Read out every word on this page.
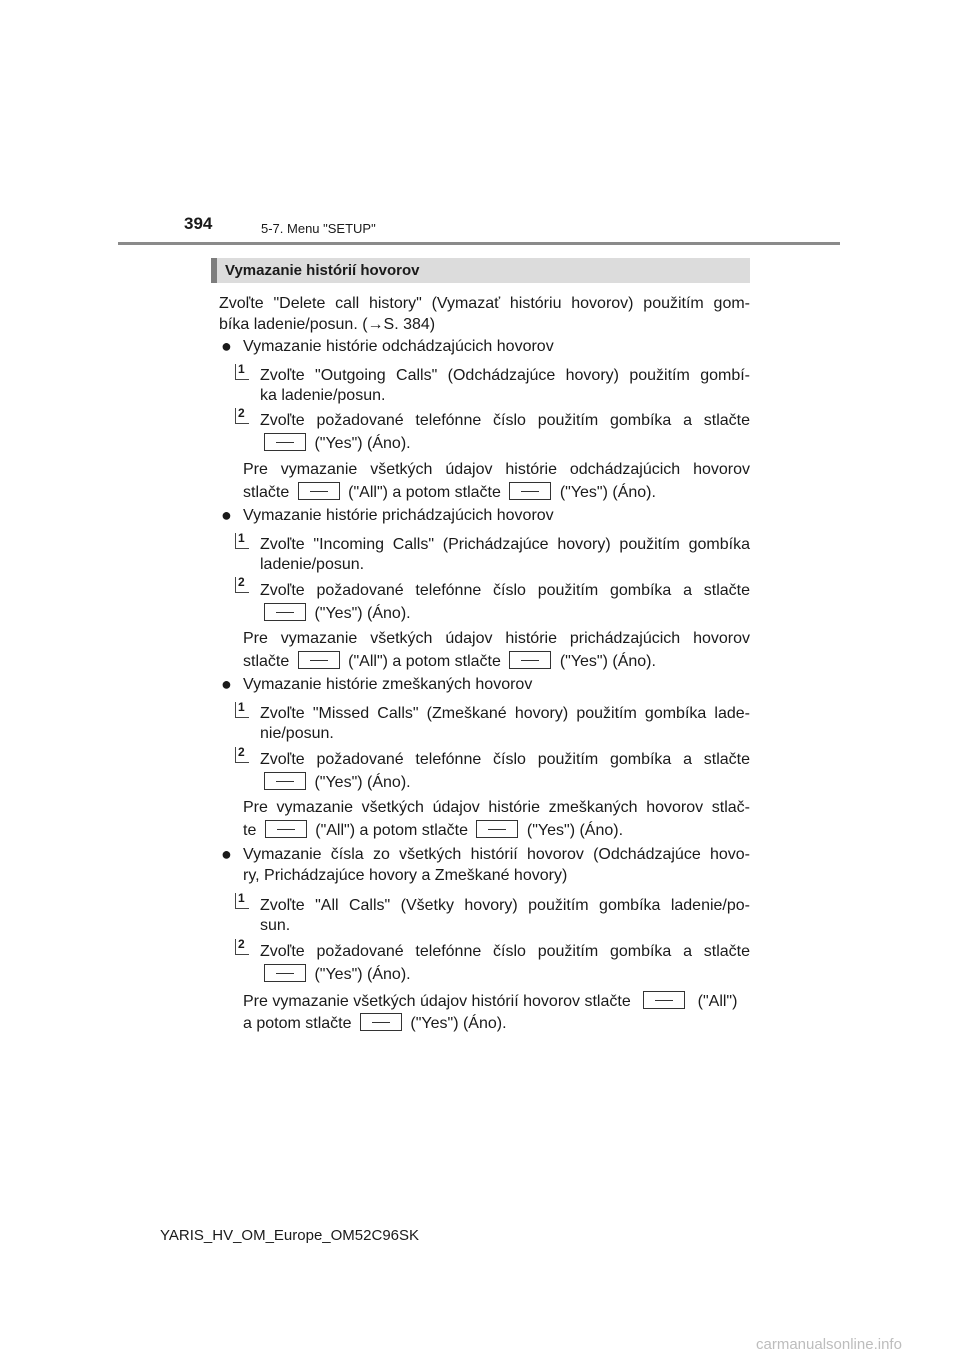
394	5-7. Menu "SETUP"
Vymazanie histórií hovorov
Zvoľte "Delete call history" (Vymazať históriu hovorov) použitím gom-
bíka ladenie/posun. (→S. 384)
● Vymazanie histórie odchádzajúcich hovorov
1 Zvoľte "Outgoing Calls" (Odchádzajúce hovory) použitím gombí-
ka ladenie/posun.
2 Zvoľte požadované telefónne číslo použitím gombíka a stlačte
("Yes") (Áno).
Pre vymazanie všetkých údajov histórie odchádzajúcich hovorov
stlačte	("All") a potom stlačte	("Yes") (Áno).
● Vymazanie histórie prichádzajúcich hovorov
1 Zvoľte "Incoming Calls" (Prichádzajúce hovory) použitím gombíka
ladenie/posun.
2 Zvoľte požadované telefónne číslo použitím gombíka a stlačte
("Yes") (Áno).
Pre vymazanie všetkých údajov histórie prichádzajúcich hovorov
stlačte	("All") a potom stlačte	("Yes") (Áno).
● Vymazanie histórie zmeškaných hovorov
1 Zvoľte "Missed Calls" (Zmeškané hovory) použitím gombíka lade-
nie/posun.
2 Zvoľte požadované telefónne číslo použitím gombíka a stlačte
("Yes") (Áno).
Pre vymazanie všetkých údajov histórie zmeškaných hovorov stlač-
te	("All") a potom stlačte	("Yes") (Áno).
● Vymazanie čísla zo všetkých histórií hovorov (Odchádzajúce hovo-
ry, Prichádzajúce hovory a Zmeškané hovory)
1 Zvoľte "All Calls" (Všetky hovory) použitím gombíka ladenie/po-
sun.
2 Zvoľte požadované telefónne číslo použitím gombíka a stlačte
("Yes") (Áno).
Pre vymazanie všetkých údajov histórií hovorov stlačte	("All")
a potom stlačte	("Yes") (Áno).
YARIS_HV_OM_Europe_OM52C96SK
carmanualsonline.info
